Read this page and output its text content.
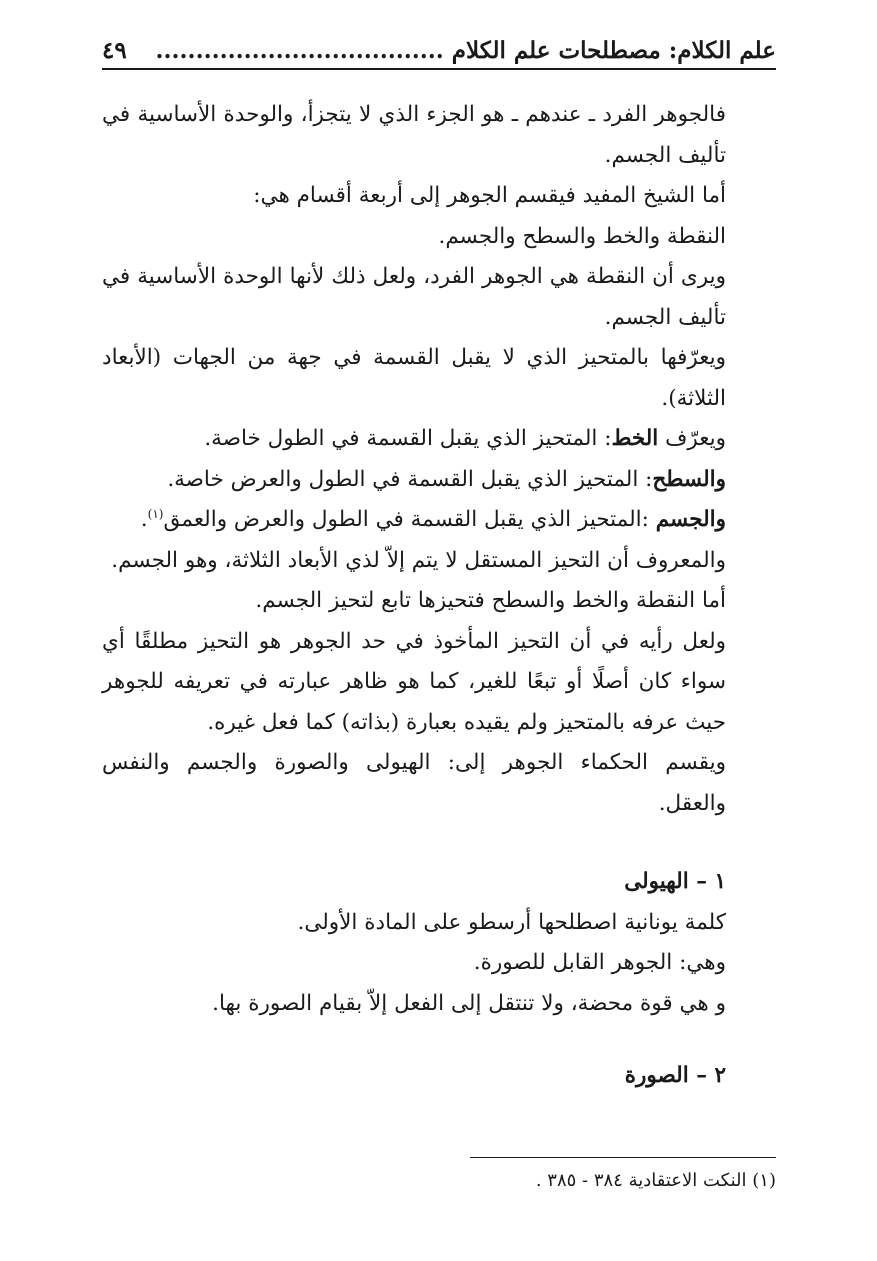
علم الكلام: مصطلحات علم الكلام ....................................
٤٩

فالجوهر الفرد ـ عندهم ـ هو الجزء الذي لا يتجزأ، والوحدة الأساسية في تأليف الجسم.

أما الشيخ المفيد فيقسم الجوهر إلى أربعة أقسام هي:

النقطة والخط والسطح والجسم.

ويرى أن النقطة هي الجوهر الفرد، ولعل ذلك لأنها الوحدة الأساسية في تأليف الجسم.

ويعرّفها بالمتحيز الذي لا يقبل القسمة في جهة من الجهات (الأبعاد الثلاثة).

ويعرّف الخط: المتحيز الذي يقبل القسمة في الطول خاصة.

والسطح: المتحيز الذي يقبل القسمة في الطول والعرض خاصة.

والجسم :المتحيز الذي يقبل القسمة في الطول والعرض والعمق$^{(١)}$.

والمعروف أن التحيز المستقل لا يتم إلاّ لذي الأبعاد الثلاثة، وهو الجسم.

أما النقطة والخط والسطح فتحيزها تابع لتحيز الجسم.

ولعل رأيه في أن التحيز المأخوذ في حد الجوهر هو التحيز مطلقًا أي سواء كان أصلًا أو تبعًا للغير، كما هو ظاهر عبارته في تعريفه للجوهر حيث عرفه بالمتحيز ولم يقيده بعبارة (بذاته) كما فعل غيره.

ويقسم الحكماء الجوهر إلى: الهيولى والصورة والجسم والنفس والعقل.

١ – الهيولى

كلمة يونانية اصطلحها أرسطو على المادة الأولى.

وهي: الجوهر القابل للصورة.

و هي قوة محضة، ولا تنتقل إلى الفعل إلاّ بقيام الصورة بها.

٢ – الصورة

(١) النكت الاعتقادية ٣٨٤ - ٣٨٥ .
